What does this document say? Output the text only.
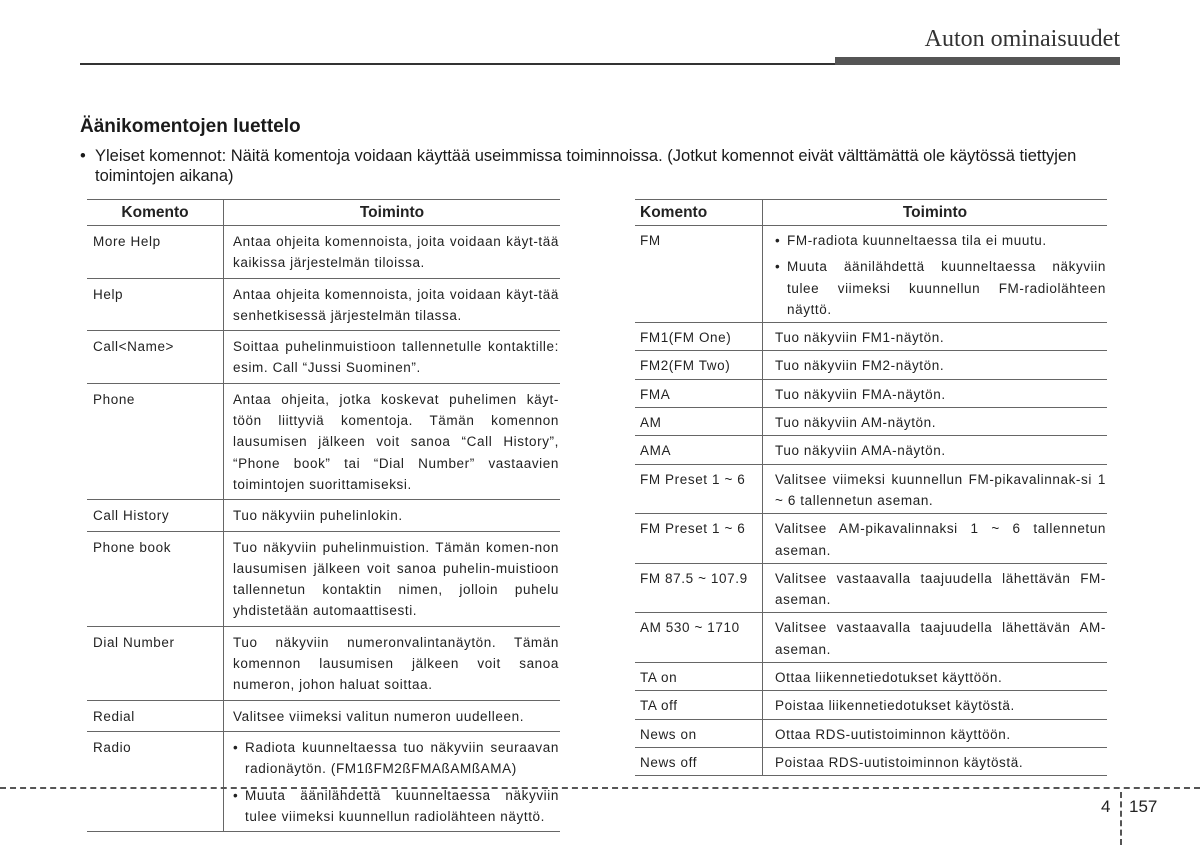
Auton ominaisuudet
Äänikomentojen luettelo
• Yleiset komennot: Näitä komentoja voidaan käyttää useimmissa toiminnoissa. (Jotkut komennot eivät välttämättä ole käytössä tiettyjen toimintojen aikana)
Komento	Toiminto
More Help	Antaa ohjeita komennoista, joita voidaan käyt-tää kaikissa järjestelmän tiloissa.
Help	Antaa ohjeita komennoista, joita voidaan käyt-tää senhetkisessä järjestelmän tilassa.
Call<Name>	Soittaa puhelinmuistioon tallennetulle kontaktille: esim. Call “Jussi Suominen”.
Phone	Antaa ohjeita, jotka koskevat puhelimen käyt-töön liittyviä komentoja. Tämän komennon lausumisen jälkeen voit sanoa “Call History”, “Phone book” tai “Dial Number” vastaavien toimintojen suorittamiseksi.
Call History	Tuo näkyviin puhelinlokin.
Phone book	Tuo näkyviin puhelinmuistion. Tämän komen-non lausumisen jälkeen voit sanoa puhelin-muistioon tallennetun kontaktin nimen, jolloin puhelu yhdistetään automaattisesti.
Dial Number	Tuo näkyviin numeronvalintanäytön. Tämän komennon lausumisen jälkeen voit sanoa numeron, johon haluat soittaa.
Redial	Valitsee viimeksi valitun numeron uudelleen.
Radio	• Radiota kuunneltaessa tuo näkyviin seuraavan radionäytön. (FM1ßFM2ßFMAßAMßAMA)
• Muuta äänilähdettä kuunneltaessa näkyviin tulee viimeksi kuunnellun radiolähteen näyttö.
Komento	Toiminto
FM	• FM-radiota kuunneltaessa tila ei muutu.
• Muuta äänilähdettä kuunneltaessa näkyviin tulee viimeksi kuunnellun FM-radiolähteen näyttö.

FM1(FM One)	Tuo näkyviin FM1-näytön.
FM2(FM Two)	Tuo näkyviin FM2-näytön.
FMA	Tuo näkyviin FMA-näytön.
AM	Tuo näkyviin AM-näytön.
AMA	Tuo näkyviin AMA-näytön.
FM Preset 1 ~ 6	Valitsee viimeksi kuunnellun FM-pikavalinnak-si 1 ~ 6 tallennetun aseman.
FM Preset 1 ~ 6	Valitsee AM-pikavalinnaksi 1 ~ 6 tallennetun aseman.
FM 87.5 ~ 107.9	Valitsee vastaavalla taajuudella lähettävän FM-aseman.
AM 530 ~ 1710	Valitsee vastaavalla taajuudella lähettävän AM-aseman.
TA on	Ottaa liikennetiedotukset käyttöön.
TA off	Poistaa liikennetiedotukset käytöstä.
News on	Ottaa RDS-uutistoiminnon käyttöön.
News off	Poistaa RDS-uutistoiminnon käytöstä.
4 157
